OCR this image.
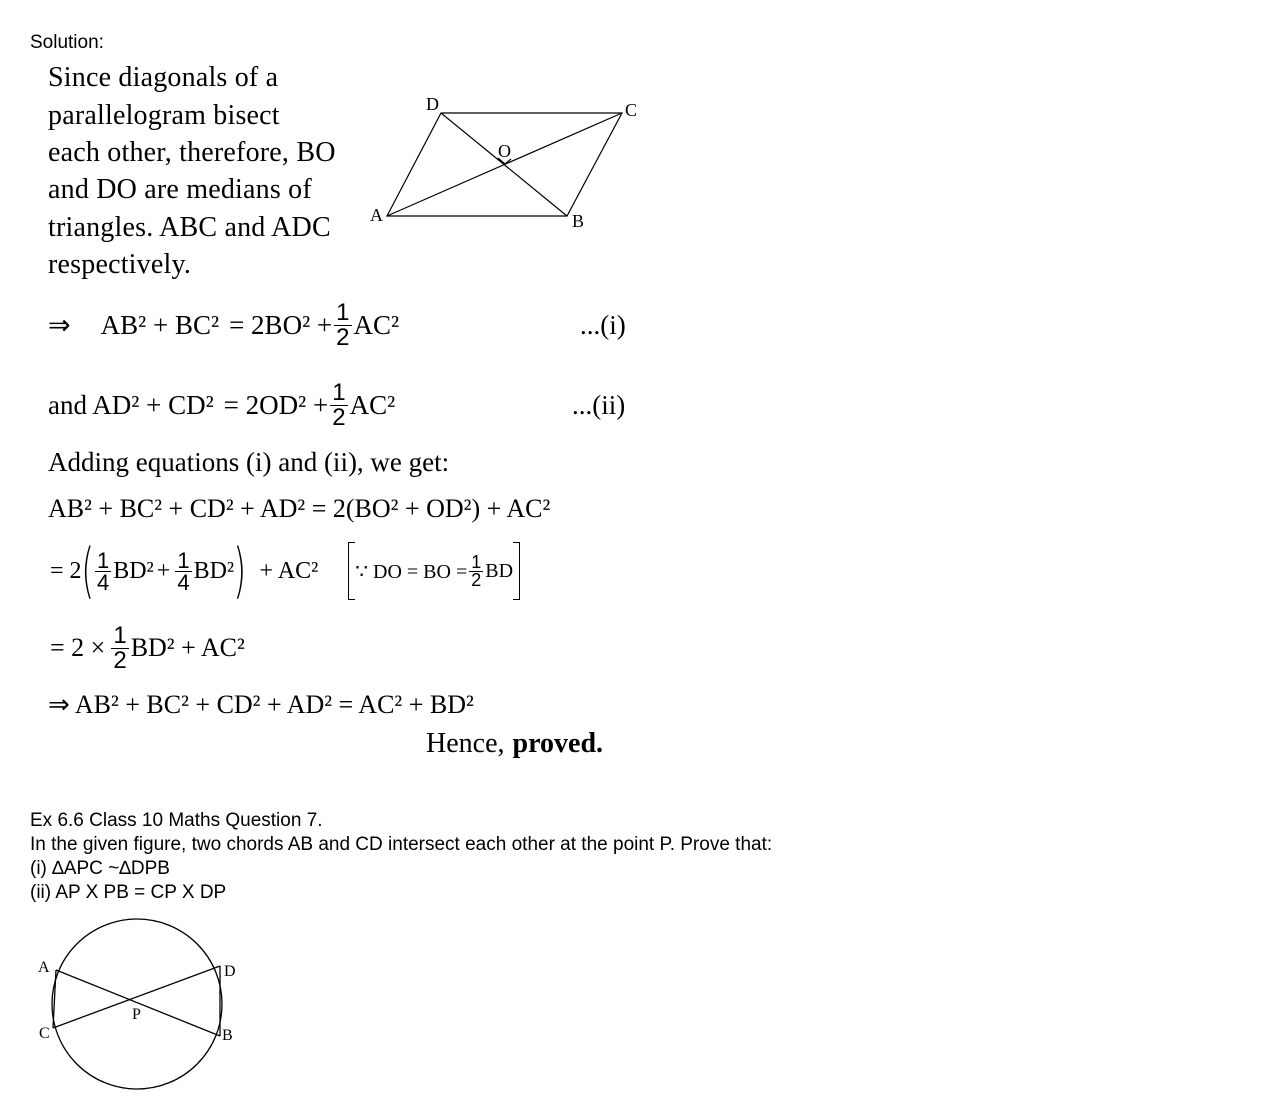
Solution:
Since diagonals of a
parallelogram bisect
each other, therefore, BO
and DO are medians of
triangles. ABC and ADC
respectively.
A	B
C
D
O
⇒ $AB^2 + BC^2 = 2BO^2 + \frac{1}{2} AC^2$	...(i)
and $AD^2 + CD^2 = 2OD^2 + \frac{1}{2} AC^2$	...(ii)
Adding equations (i) and (ii), we get:
AB² + BC² + CD² + AD² = 2(BO² + OD²) + AC²
= 2 ( $\frac{1}{4} BD^2 + \frac{1}{4} BD^2$ ) + AC² ∵ DO = BO = $\frac{1}{2}$ BD
= $2 \times \frac{1}{2} BD^2 + AC^2$
⇒ AB² + BC² + CD² + AD² = AC² + BD²
Hence, proved.
Ex 6.6 Class 10 Maths Question 7.
In the given figure, two chords AB and CD intersect each other at the point P. Prove that:
(i) ∆APC ~∆DPB
(ii) AP X PB = CP X DP
A
B
C
D
P
